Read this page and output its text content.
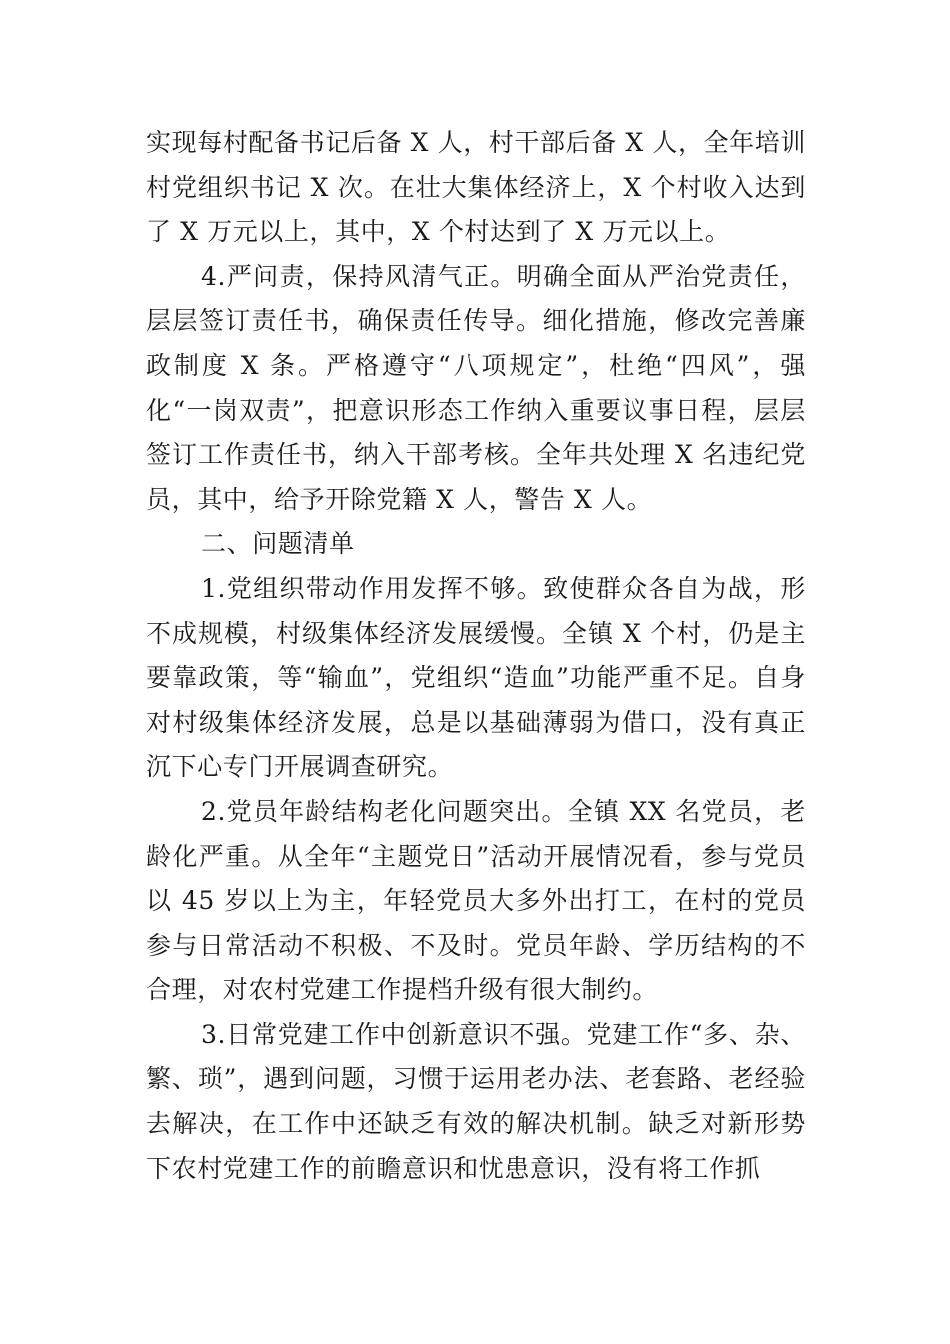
实现每村配备书记后备 X 人，村干部后备 X 人，全年培训村党组织书记 X 次。在壮大集体经济上，X 个村收入达到了 X 万元以上，其中，X 个村达到了 X 万元以上。

4.严问责，保持风清气正。明确全面从严治党责任，层层签订责任书，确保责任传导。细化措施，修改完善廉政制度 X 条。严格遵守“八项规定”，杜绝“四风”，强化“一岗双责”，把意识形态工作纳入重要议事日程，层层签订工作责任书，纳入干部考核。全年共处理 X 名违纪党员，其中，给予开除党籍 X 人，警告 X 人。

二、问题清单

1.党组织带动作用发挥不够。致使群众各自为战，形不成规模，村级集体经济发展缓慢。全镇 X 个村，仍是主要靠政策，等“输血”，党组织“造血”功能严重不足。自身对村级集体经济发展，总是以基础薄弱为借口，没有真正沉下心专门开展调查研究。

2.党员年龄结构老化问题突出。全镇 XX 名党员，老龄化严重。从全年“主题党日”活动开展情况看，参与党员以 45 岁以上为主，年轻党员大多外出打工，在村的党员参与日常活动不积极、不及时。党员年龄、学历结构的不合理，对农村党建工作提档升级有很大制约。

3.日常党建工作中创新意识不强。党建工作“多、杂、繁、琐”，遇到问题，习惯于运用老办法、老套路、老经验去解决，在工作中还缺乏有效的解决机制。缺乏对新形势下农村党建工作的前瞻意识和忧患意识，没有将工作抓
